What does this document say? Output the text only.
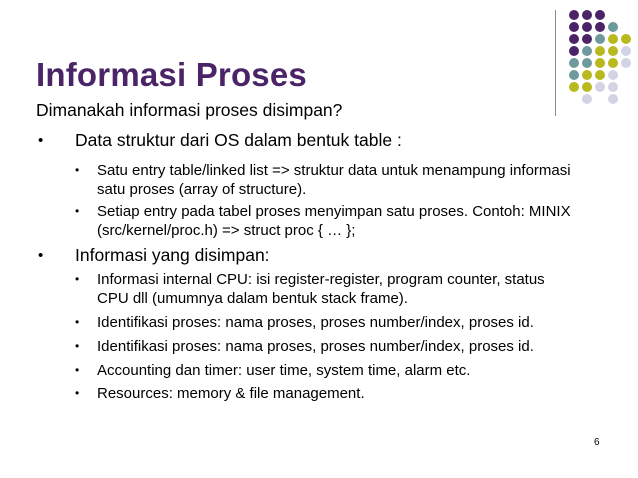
Informasi Proses
Dimanakah informasi proses disimpan?
• Data struktur dari OS dalam bentuk table :
• Satu entry table/linked list => struktur data untuk menampung informasi
satu proses (array of structure).
• Setiap entry pada tabel proses menyimpan satu proses. Contoh: MINIX
(src/kernel/proc.h) => struct proc { … };
• Informasi yang disimpan:
• Informasi internal CPU: isi register-register, program counter, status
CPU dll (umumnya dalam bentuk stack frame).
• Identifikasi proses: nama proses, proses number/index, proses id.
• Identifikasi proses: nama proses, proses number/index, proses id.
• Accounting dan timer: user time, system time, alarm etc.
• Resources: memory & file management.
6
